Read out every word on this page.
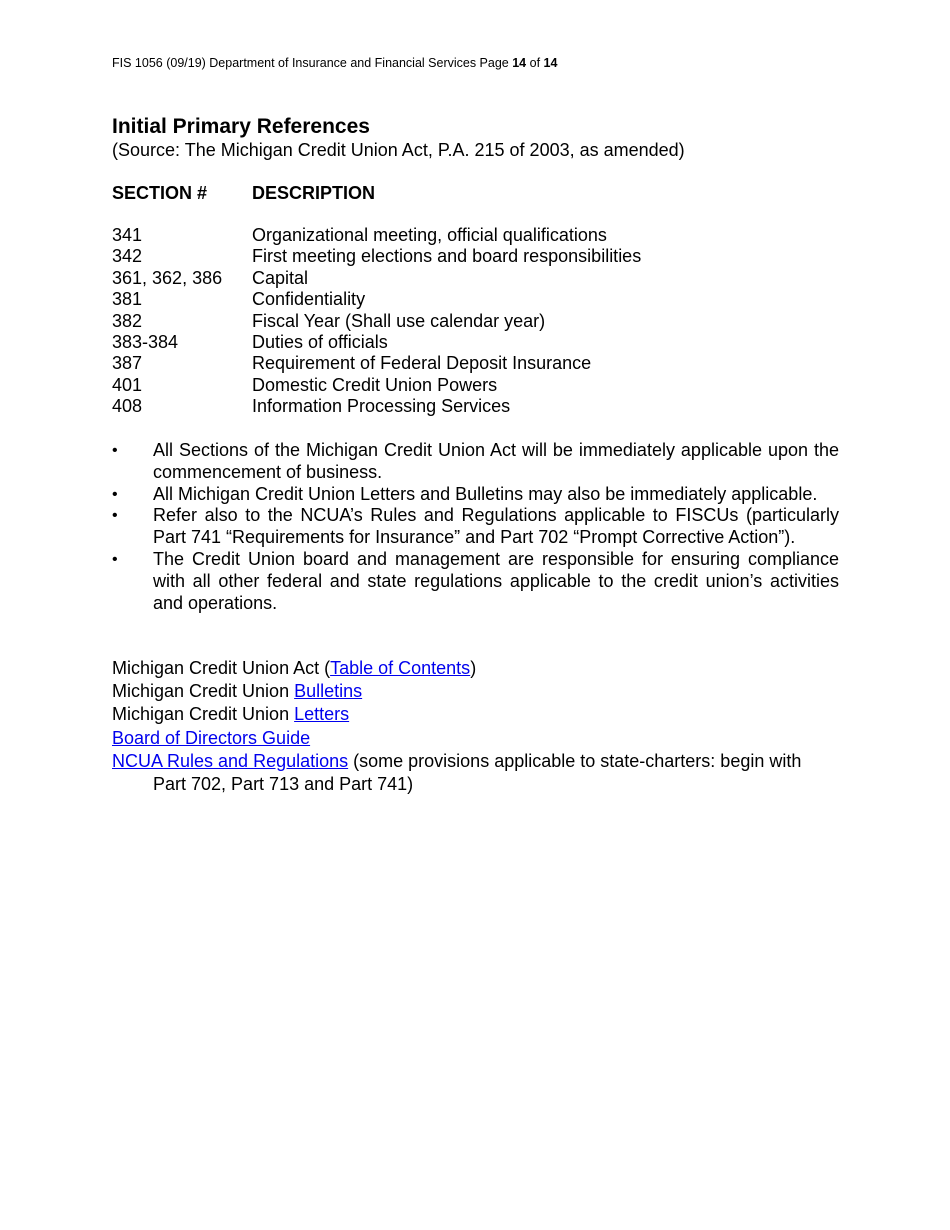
FIS 1056 (09/19) Department of Insurance and Financial Services Page 14 of 14
Initial Primary References
(Source: The Michigan Credit Union Act, P.A. 215 of 2003, as amended)
SECTION # DESCRIPTION
341	Organizational meeting, official qualifications
342	First meeting elections and board responsibilities
361, 362, 386 Capital
381	Confidentiality
382	Fiscal Year (Shall use calendar year)
383-384	Duties of officials
387	Requirement of Federal Deposit Insurance
401	Domestic Credit Union Powers
408	Information Processing Services
•	All Sections of the Michigan Credit Union Act will be immediately applicable upon the commencement of business.
•	All Michigan Credit Union Letters and Bulletins may also be immediately applicable.
•	Refer also to the NCUA’s Rules and Regulations applicable to FISCUs (particularly Part 741 “Requirements for Insurance” and Part 702 “Prompt Corrective Action”).
•	The Credit Union board and management are responsible for ensuring compliance with all other federal and state regulations applicable to the credit union’s activities and operations.
Michigan Credit Union Act (Table of Contents)
Michigan Credit Union Bulletins
Michigan Credit Union Letters
Board of Directors Guide
NCUA Rules and Regulations (some provisions applicable to state-charters: begin with
Part 702, Part 713 and Part 741)
